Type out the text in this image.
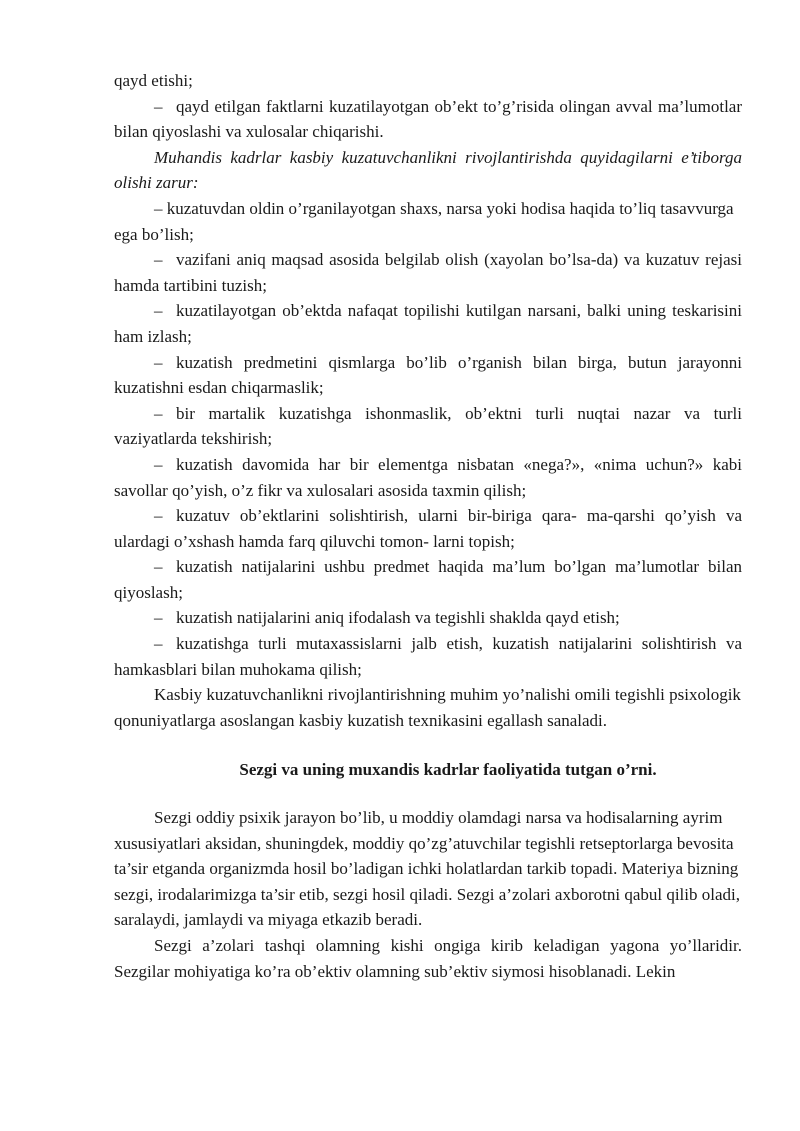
qayd etishi;

– qayd etilgan faktlarni kuzatilayotgan ob’ekt to’g’risida olingan avval ma’lumotlar bilan qiyoslashi va xulosalar chiqarishi.

Muhandis kadrlar kasbiy kuzatuvchanlikni rivojlantirishda quyidagilarni e’tiborga olishi zarur:

– kuzatuvdan oldin o’rganilayotgan shaxs, narsa yoki hodisa haqida to’liq tasavvurga ega bo’lish;

– vazifani aniq maqsad asosida belgilab olish (xayolan bo’lsa-da) va kuzatuv rejasi hamda tartibini tuzish;

– kuzatilayotgan ob’ektda nafaqat topilishi kutilgan narsani, balki uning teskarisini ham izlash;

– kuzatish predmetini qismlarga bo’lib o’rganish bilan birga, butun jarayonni kuzatishni esdan chiqarmaslik;

– bir martalik kuzatishga ishonmaslik, ob’ektni turli nuqtai nazar va turli vaziyatlarda tekshirish;

– kuzatish davomida har bir elementga nisbatan «nega?», «nima uchun?» kabi savollar qo’yish, o’z fikr va xulosalari asosida taxmin qilish;

– kuzatuv ob’ektlarini solishtirish, ularni bir-biriga qara- ma-qarshi qo’yish va ulardagi o’xshash hamda farq qiluvchi tomon- larni topish;

– kuzatish natijalarini ushbu predmet haqida ma’lum bo’lgan ma’lumotlar bilan qiyoslash;

– kuzatish natijalarini aniq ifodalash va tegishli shaklda qayd etish;

– kuzatishga turli mutaxassislarni jalb etish, kuzatish natijalarini solishtirish va hamkasblari bilan muhokama qilish;

Kasbiy kuzatuvchanlikni rivojlantirishning muhim yo’nalishi omili tegishli psixologik qonuniyatlarga asoslangan kasbiy kuzatish texnikasini egallash sanaladi.

Sezgi va uning muxandis kadrlar faoliyatida tutgan o’rni.

Sezgi oddiy psixik jarayon bo’lib, u moddiy olamdagi narsa va hodisalarning ayrim xususiyatlari aksidan, shuningdek, moddiy qo’zg’atuvchilar tegishli retseptorlarga bevosita ta’sir etganda organizmda hosil bo’ladigan ichki holatlardan tarkib topadi. Materiya bizning sezgi, irodalarimizga ta’sir etib, sezgi hosil qiladi. Sezgi a’zolari axborotni qabul qilib oladi, saralaydi, jamlaydi va miyaga etkazib beradi.

Sezgi a’zolari tashqi olamning kishi ongiga kirib keladigan yagona yo’llaridir. Sezgilar mohiyatiga ko’ra ob’ektiv olamning sub’ektiv siymosi hisoblanadi. Lekin
